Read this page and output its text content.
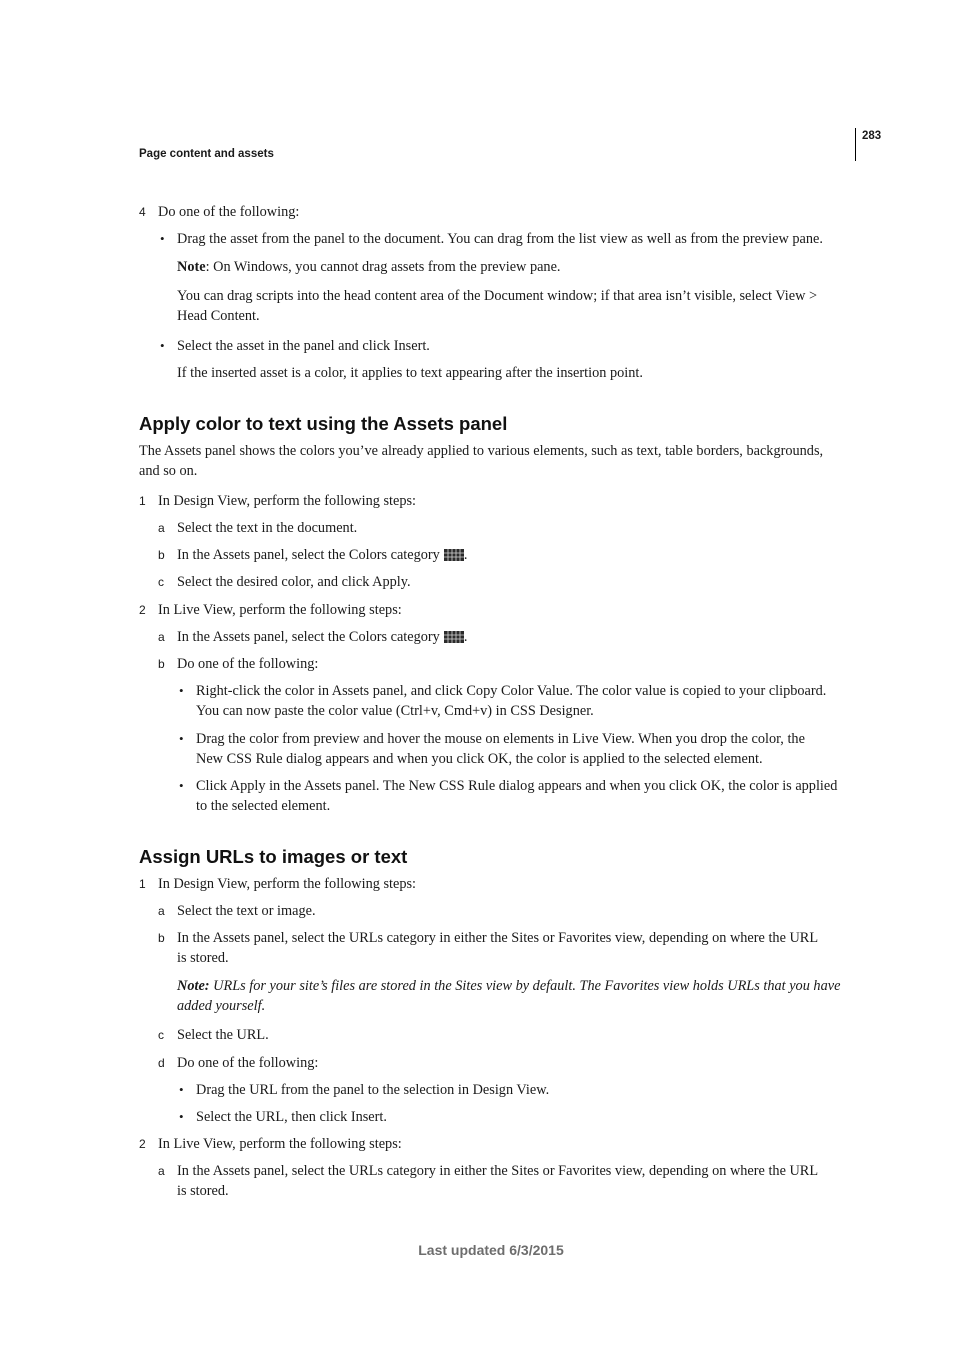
283
Page content and assets
4 Do one of the following:
• Drag the asset from the panel to the document. You can drag from the list view as well as from the preview pane.
Note: On Windows, you cannot drag assets from the preview pane.
You can drag scripts into the head content area of the Document window; if that area isn’t visible, select View >
Head Content.
• Select the asset in the panel and click Insert.
If the inserted asset is a color, it applies to text appearing after the insertion point.
Apply color to text using the Assets panel
The Assets panel shows the colors you’ve already applied to various elements, such as text, table borders, backgrounds,
and so on.
1 In Design View, perform the following steps:
a Select the text in the document.
b In the Assets panel, select the Colors category .
c Select the desired color, and click Apply.
2 In Live View, perform the following steps:
a In the Assets panel, select the Colors category .
b Do one of the following:
• Right-click the color in Assets panel, and click Copy Color Value. The color value is copied to your clipboard.
You can now paste the color value (Ctrl+v, Cmd+v) in CSS Designer.
• Drag the color from preview and hover the mouse on elements in Live View. When you drop the color, the
New CSS Rule dialog appears and when you click OK, the color is applied to the selected element.
• Click Apply in the Assets panel. The New CSS Rule dialog appears and when you click OK, the color is applied
to the selected element.
Assign URLs to images or text
1 In Design View, perform the following steps:
a Select the text or image.
b In the Assets panel, select the URLs category in either the Sites or Favorites view, depending on where the URL
is stored.
Note: URLs for your site’s files are stored in the Sites view by default. The Favorites view holds URLs that you have
added yourself.
c Select the URL.
d Do one of the following:
• Drag the URL from the panel to the selection in Design View.
• Select the URL, then click Insert.
2 In Live View, perform the following steps:
a In the Assets panel, select the URLs category in either the Sites or Favorites view, depending on where the URL
is stored.
Last updated 6/3/2015
